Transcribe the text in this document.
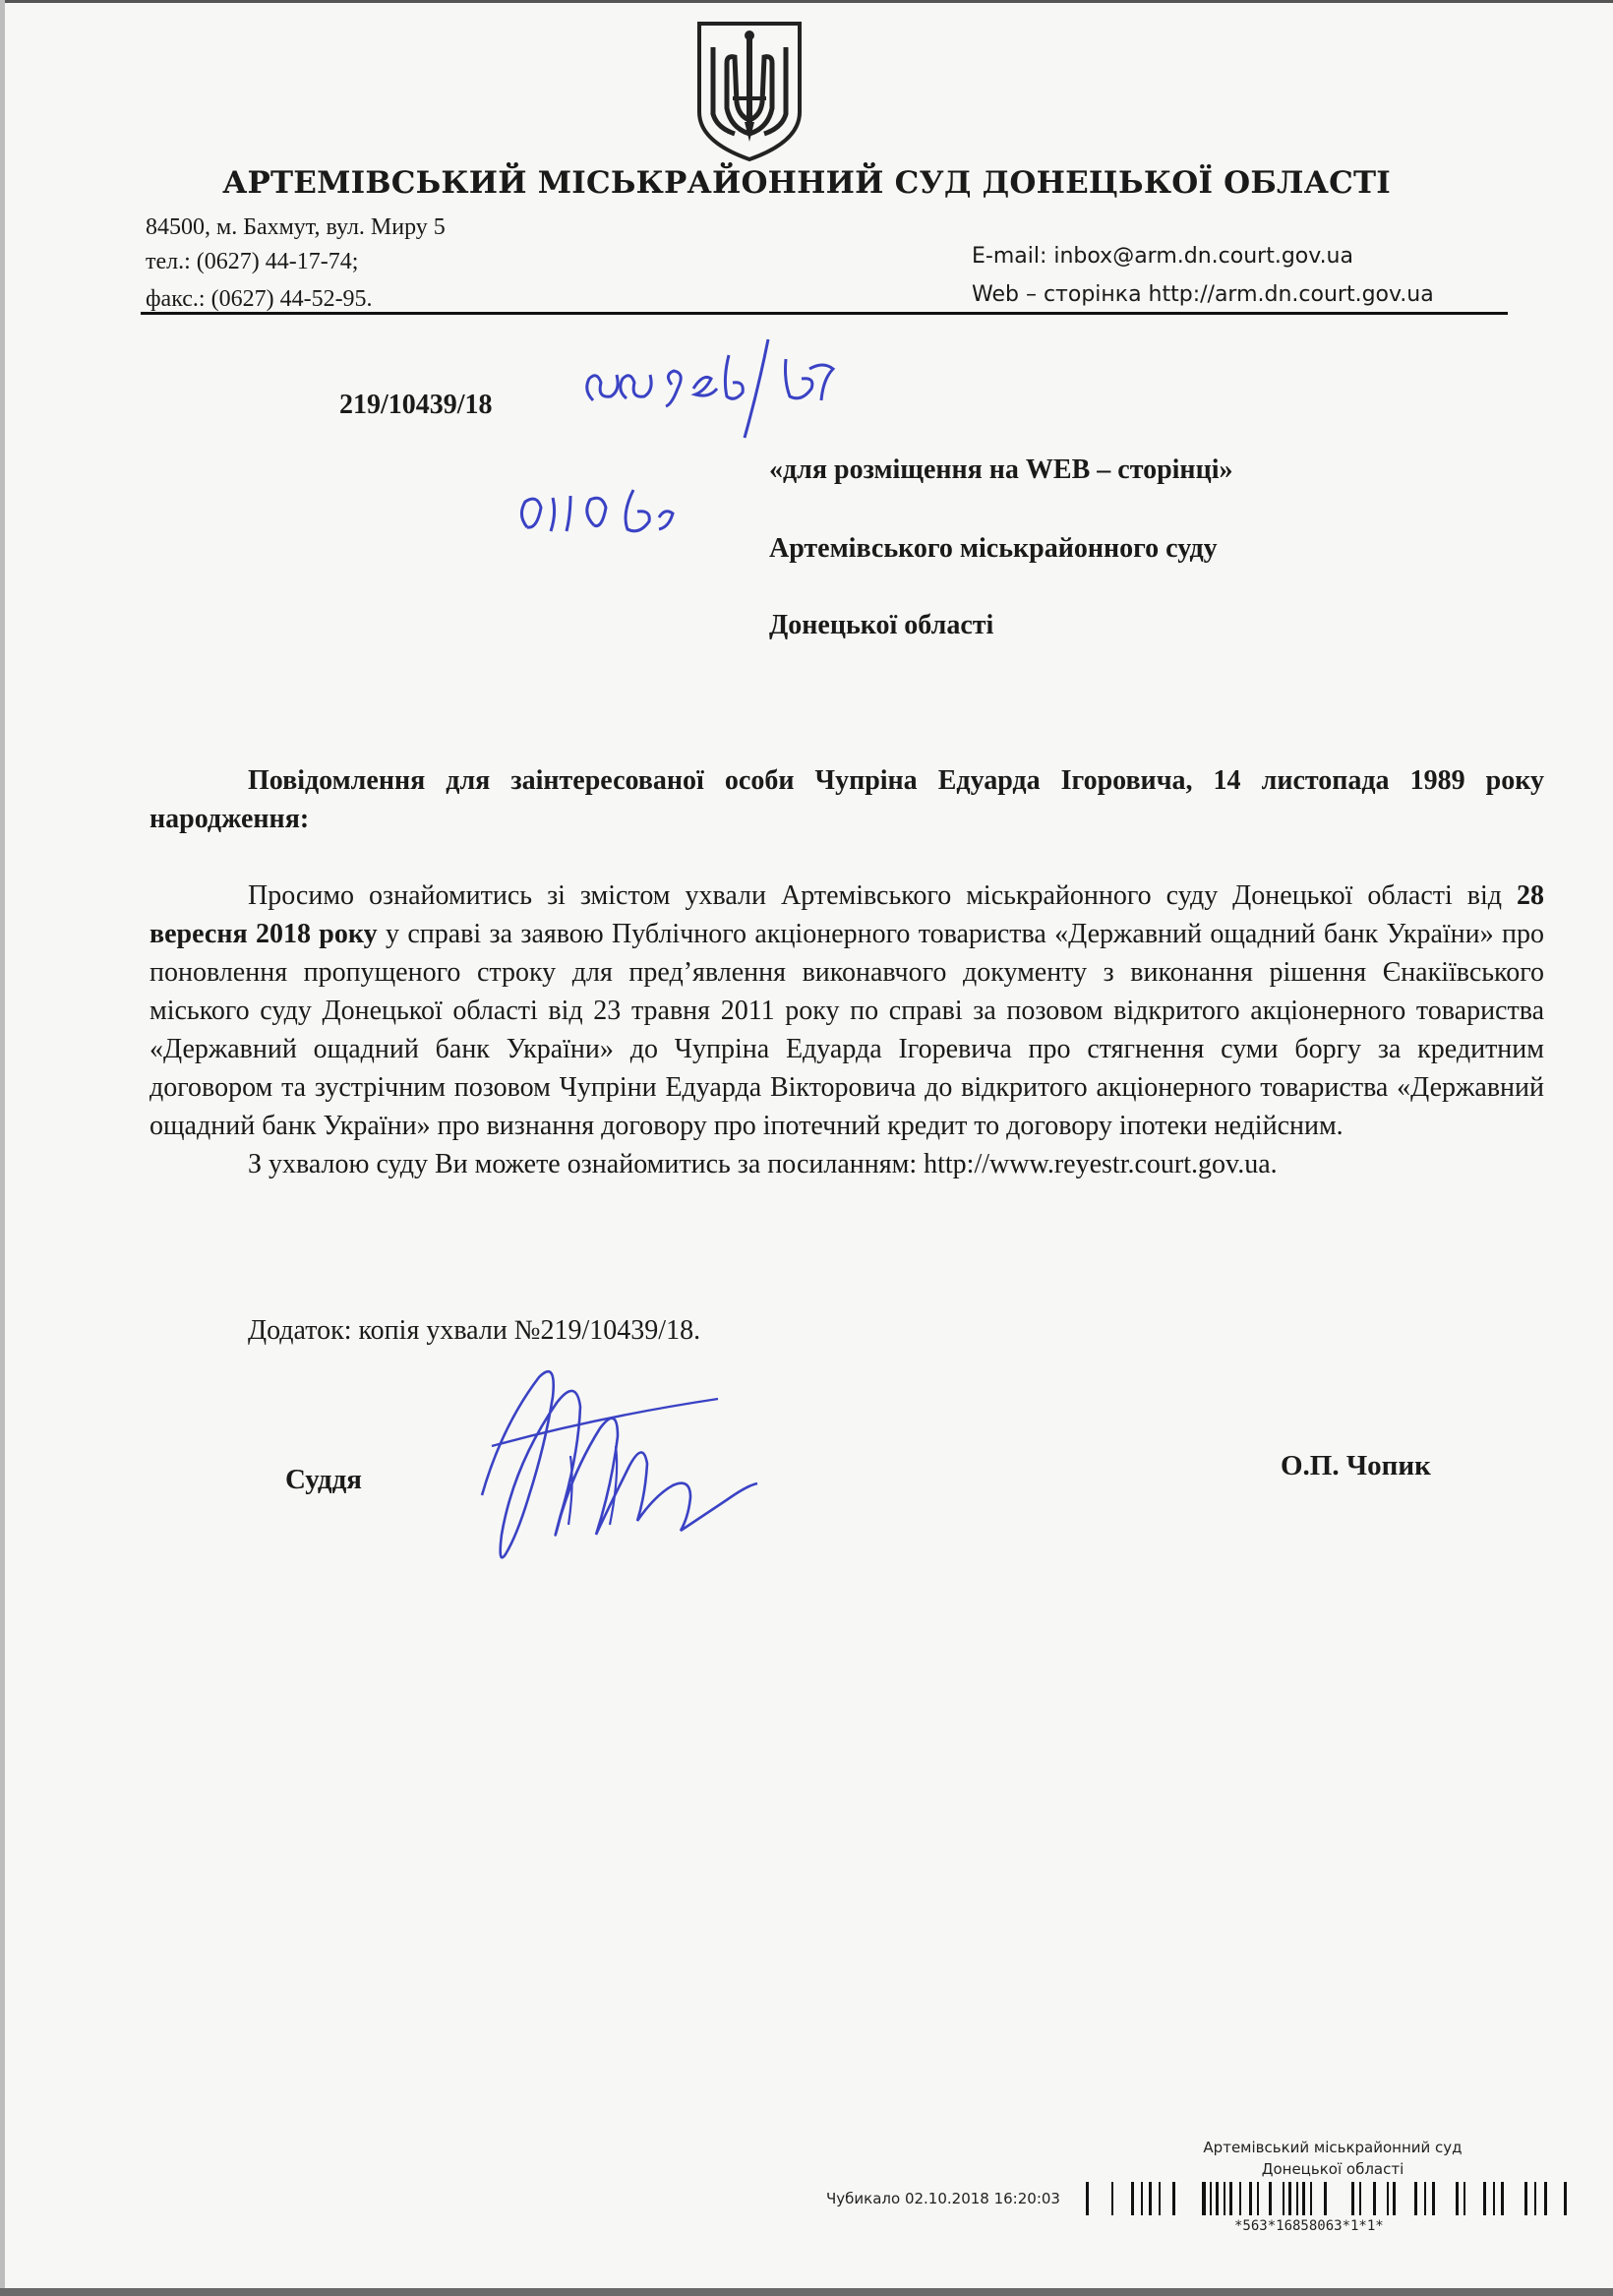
АРТЕМІВСЬКИЙ МІСЬКРАЙОННИЙ СУД ДОНЕЦЬКОЇ ОБЛАСТІ
84500, м. Бахмут, вул. Миру 5
тел.: (0627) 44-17-74;
факс.: (0627) 44-52-95.
E-mail: inbox@arm.dn.court.gov.ua
Web – сторінка http://arm.dn.court.gov.ua
219/10439/18
«для розміщення на WEB – сторінці»
Артемівського міськрайонного суду
Донецької області

Повідомлення для заінтересованої особи Чупріна Едуарда Ігоровича, 14 листопада 1989 року народження:

Просимо ознайомитись зі змістом ухвали Артемівського міськрайонного суду Донецької області від 28 вересня 2018 року у справі за заявою Публічного акціонерного товариства «Державний ощадний банк України» про поновлення пропущеного строку для пред’явлення виконавчого документу з виконання рішення Єнакіївського міського суду Донецької області від 23 травня 2011 року по справі за позовом відкритого акціонерного товариства «Державний ощадний банк України» до Чупріна Едуарда Ігоревича про стягнення суми боргу за кредитним договором та зустрічним позовом Чупріни Едуарда Вікторовича до відкритого акціонерного товариства «Державний ощадний банк України» про визнання договору про іпотечний кредит то договору іпотеки недійсним.

З ухвалою суду Ви можете ознайомитись за посиланням: http://www.reyestr.court.gov.ua.

Додаток: копія ухвали №219/10439/18.

Суддя	О.П. Чопик
Артемівський міськрайонний суд
Донецької області
Чубикало 02.10.2018 16:20:03
*563*16858063*1*1*
